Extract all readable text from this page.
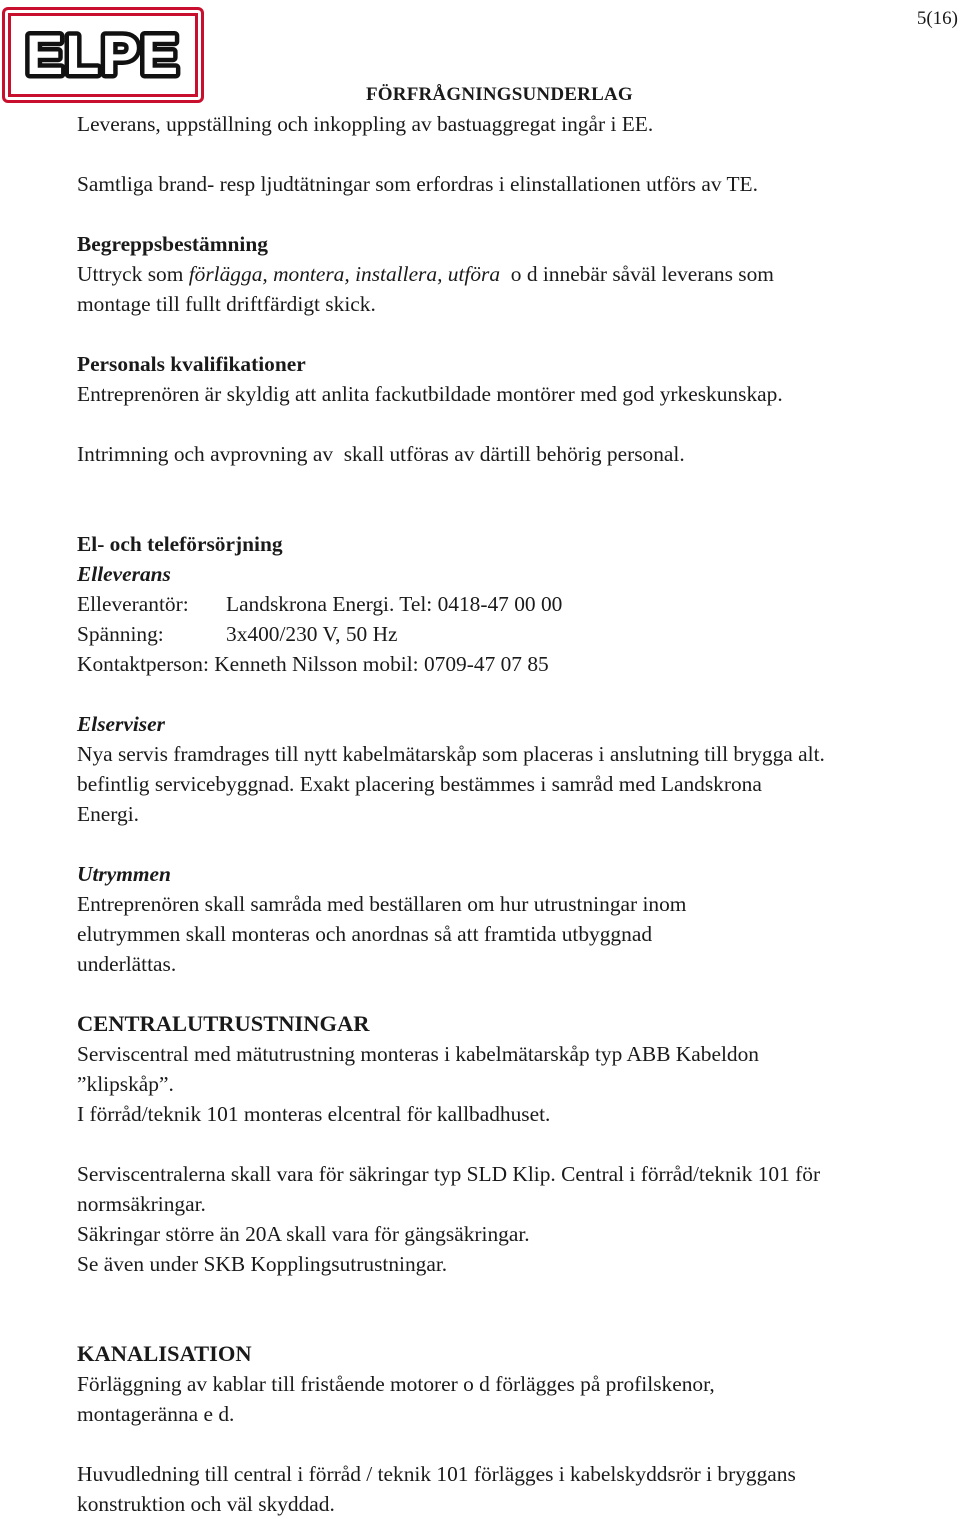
ELPE
5(16)
FÖRFRÅGNINGSUNDERLAG

Leverans, uppställning och inkoppling av bastuaggregat ingår i EE.

Samtliga brand- resp ljudtätningar som erfordras i elinstallationen utförs av TE.

Begreppsbestämning

Uttryck som förlägga, montera, installera, utföra  o d innebär såväl leverans som

montage till fullt driftfärdigt skick.

Personals kvalifikationer

Entreprenören är skyldig att anlita fackutbildade montörer med god yrkeskunskap.

Intrimning och avprovning av  skall utföras av därtill behörig personal.

El- och teleförsörjning

Elleverans

Elleverantör: Landskrona Energi. Tel: 0418-47 00 00

Spänning:	3x400/230 V, 50 Hz

Kontaktperson: Kenneth Nilsson mobil: 0709-47 07 85

Elserviser

Nya servis framdrages till nytt kabelmätarskåp som placeras i anslutning till brygga alt.

befintlig servicebyggnad. Exakt placering bestämmes i samråd med Landskrona

Energi.

Utrymmen

Entreprenören skall samråda med beställaren om hur utrustningar inom

elutrymmen skall monteras och anordnas så att framtida utbyggnad

underlättas.

CENTRALUTRUSTNINGAR

Serviscentral med mätutrustning monteras i kabelmätarskåp typ ABB Kabeldon

”klipskåp”.

I förråd/teknik 101 monteras elcentral för kallbadhuset.

Serviscentralerna skall vara för säkringar typ SLD Klip. Central i förråd/teknik 101 för

normsäkringar.

Säkringar större än 20A skall vara för gängsäkringar.

Se även under SKB Kopplingsutrustningar.

KANALISATION

Förläggning av kablar till fristående motorer o d förlägges på profilskenor,

montageränna e d.

Huvudledning till central i förråd / teknik 101 förlägges i kabelskyddsrör i bryggans

konstruktion och väl skyddad.
